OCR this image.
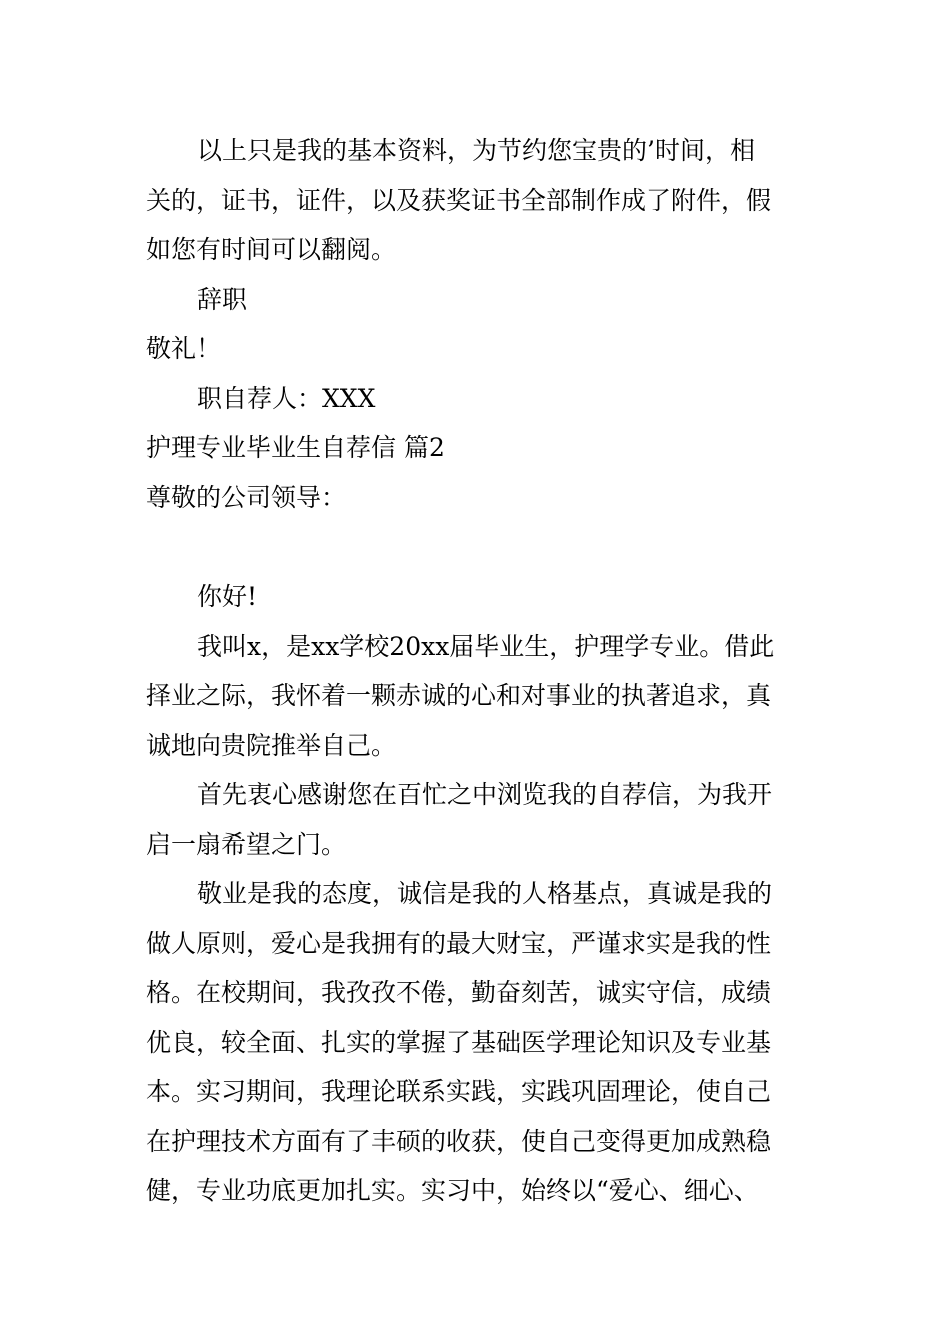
以上只是我的基本资料，为节约您宝贵的’时间，相

关的，证书，证件，以及获奖证书全部制作成了附件，假

如您有时间可以翻阅。

辞职

敬礼！

职自荐人：XXX

护理专业毕业生自荐信 篇2

尊敬的公司领导：

你好!

我叫x，是xx学校20xx届毕业生，护理学专业。借此

择业之际，我怀着一颗赤诚的心和对事业的执著追求，真

诚地向贵院推举自己。

首先衷心感谢您在百忙之中浏览我的自荐信，为我开

启一扇希望之门。

敬业是我的态度，诚信是我的人格基点，真诚是我的

做人原则，爱心是我拥有的最大财宝，严谨求实是我的性

格。在校期间，我孜孜不倦，勤奋刻苦，诚实守信，成绩

优良，较全面、扎实的掌握了基础医学理论知识及专业基

本。实习期间，我理论联系实践，实践巩固理论，使自己

在护理技术方面有了丰硕的收获，使自己变得更加成熟稳

健，专业功底更加扎实。实习中，始终以“爱心、细心、
